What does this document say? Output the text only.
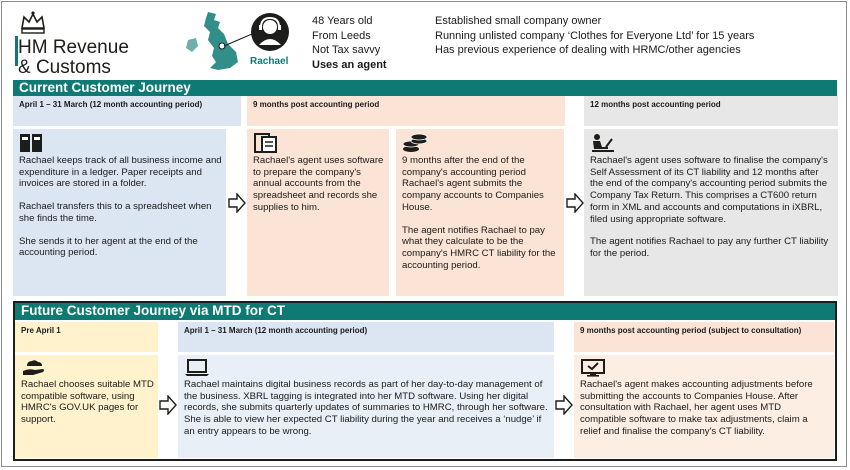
HM Revenue
& Customs	Rachael
48 Years old
From Leeds
Not Tax savvy
Uses an agent
Established small company owner
Running unlisted company ‘Clothes for Everyone Ltd’ for 15 years
Has previous experience of dealing with HRMC/other agencies
Current Customer Journey
April 1 – 31 March (12 month accounting period)	9 months post accounting period	12 months post accounting period

Rachael keeps track of all business income and expenditure in a ledger. Paper receipts and invoices are stored in a folder.

Rachael transfers this to a spreadsheet when she finds the time.

She sends it to her agent at the end of the accounting period.

Rachael's agent uses software to prepare the company's annual accounts from the spreadsheet and records she supplies to him.

9 months after the end of the company's accounting period Rachael's agent submits the company accounts to Companies House.

The agent notifies Rachael to pay what they calculate to be the company's HMRC CT liability for the accounting period.

Rachael's agent uses software to finalise the company's Self Assessment of its CT liability and 12 months after the end of the company's accounting period submits the Company Tax Return. This comprises a CT600 return form in XML and accounts and computations in iXBRL, filed using appropriate software.

The agent notifies Rachael to pay any further CT liability for the period.

Future Customer Journey via MTD for CT
Pre April 1	April 1 – 31 March (12 month accounting period)	9 months post accounting period (subject to consultation)

Rachael chooses suitable MTD compatible software, using HMRC's GOV.UK pages for support.

Rachael maintains digital business records as part of her day-to-day management of the business. XBRL tagging is integrated into her MTD software. Using her digital records, she submits quarterly updates of summaries to HMRC, through her software. She is able to view her expected CT liability during the year and receives a ‘nudge’ if an entry appears to be wrong.

Rachael's agent makes accounting adjustments before submitting the accounts to Companies House. After consultation with Rachael, her agent uses MTD compatible software to make tax adjustments, claim a relief and finalise the company's CT liability.
